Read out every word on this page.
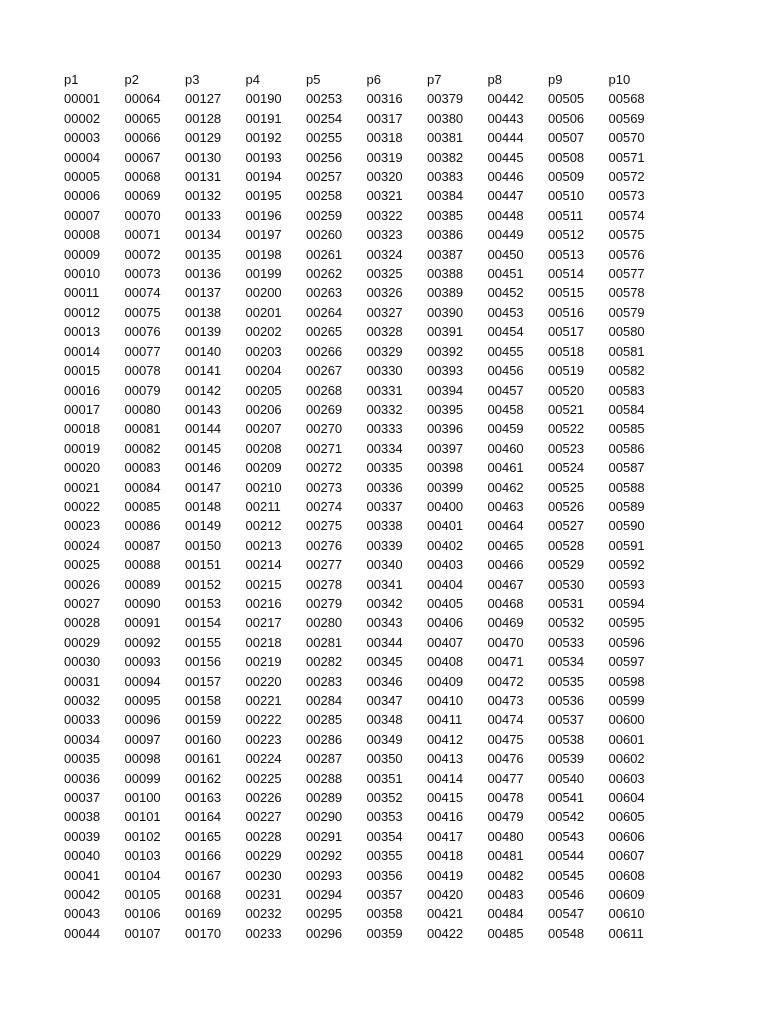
p1	p2	p3	p4	p5	p6	p7	p8	p9	p10
00001	00064	00127	00190	00253	00316	00379	00442	00505	00568
00002	00065	00128	00191	00254	00317	00380	00443	00506	00569
00003	00066	00129	00192	00255	00318	00381	00444	00507	00570
00004	00067	00130	00193	00256	00319	00382	00445	00508	00571
00005	00068	00131	00194	00257	00320	00383	00446	00509	00572
00006	00069	00132	00195	00258	00321	00384	00447	00510	00573
00007	00070	00133	00196	00259	00322	00385	00448	00511	00574
00008	00071	00134	00197	00260	00323	00386	00449	00512	00575
00009	00072	00135	00198	00261	00324	00387	00450	00513	00576
00010	00073	00136	00199	00262	00325	00388	00451	00514	00577
00011	00074	00137	00200	00263	00326	00389	00452	00515	00578
00012	00075	00138	00201	00264	00327	00390	00453	00516	00579
00013	00076	00139	00202	00265	00328	00391	00454	00517	00580
00014	00077	00140	00203	00266	00329	00392	00455	00518	00581
00015	00078	00141	00204	00267	00330	00393	00456	00519	00582
00016	00079	00142	00205	00268	00331	00394	00457	00520	00583
00017	00080	00143	00206	00269	00332	00395	00458	00521	00584
00018	00081	00144	00207	00270	00333	00396	00459	00522	00585
00019	00082	00145	00208	00271	00334	00397	00460	00523	00586
00020	00083	00146	00209	00272	00335	00398	00461	00524	00587
00021	00084	00147	00210	00273	00336	00399	00462	00525	00588
00022	00085	00148	00211	00274	00337	00400	00463	00526	00589
00023	00086	00149	00212	00275	00338	00401	00464	00527	00590
00024	00087	00150	00213	00276	00339	00402	00465	00528	00591
00025	00088	00151	00214	00277	00340	00403	00466	00529	00592
00026	00089	00152	00215	00278	00341	00404	00467	00530	00593
00027	00090	00153	00216	00279	00342	00405	00468	00531	00594
00028	00091	00154	00217	00280	00343	00406	00469	00532	00595
00029	00092	00155	00218	00281	00344	00407	00470	00533	00596
00030	00093	00156	00219	00282	00345	00408	00471	00534	00597
00031	00094	00157	00220	00283	00346	00409	00472	00535	00598
00032	00095	00158	00221	00284	00347	00410	00473	00536	00599
00033	00096	00159	00222	00285	00348	00411	00474	00537	00600
00034	00097	00160	00223	00286	00349	00412	00475	00538	00601
00035	00098	00161	00224	00287	00350	00413	00476	00539	00602
00036	00099	00162	00225	00288	00351	00414	00477	00540	00603
00037	00100	00163	00226	00289	00352	00415	00478	00541	00604
00038	00101	00164	00227	00290	00353	00416	00479	00542	00605
00039	00102	00165	00228	00291	00354	00417	00480	00543	00606
00040	00103	00166	00229	00292	00355	00418	00481	00544	00607
00041	00104	00167	00230	00293	00356	00419	00482	00545	00608
00042	00105	00168	00231	00294	00357	00420	00483	00546	00609
00043	00106	00169	00232	00295	00358	00421	00484	00547	00610
00044	00107	00170	00233	00296	00359	00422	00485	00548	00611
